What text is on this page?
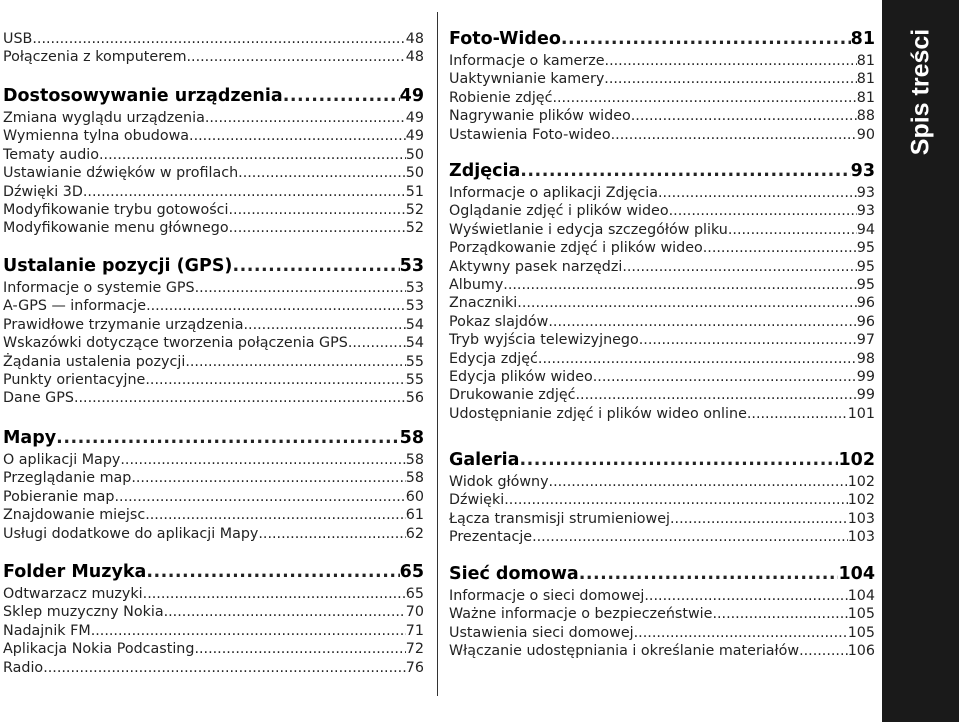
USB .....	48
Połączenia z komputerem .....	48
Dostosowywanie urządzenia .....	49
Zmiana wyglądu urządzenia .....	49
Wymienna tylna obudowa .....	49
Tematy audio .....	50
Ustawianie dźwięków w profilach .....	50
Dźwięki 3D .....	51
Modyfikowanie trybu gotowości .....	52
Modyfikowanie menu głównego .....	52
Ustalanie pozycji (GPS) .....	53
Informacje o systemie GPS .....	53
A-GPS — informacje .....	53
Prawidłowe trzymanie urządzenia .....	54
Wskazówki dotyczące tworzenia połączenia GPS .....	54
Żądania ustalenia pozycji .....	55
Punkty orientacyjne .....	55
Dane GPS .....	56
Mapy .....	58
O aplikacji Mapy .....	58
Przeglądanie map .....	58
Pobieranie map .....	60
Znajdowanie miejsc .....	61
Usługi dodatkowe do aplikacji Mapy .....	62
Folder Muzyka .....	65
Odtwarzacz muzyki .....	65
Sklep muzyczny Nokia .....	70
Nadajnik FM .....	71
Aplikacja Nokia Podcasting .....	72
Radio .....	76
Foto-Wideo .....	81
Informacje o kamerze .....	81
Uaktywnianie kamery .....	81
Robienie zdjęć .....	81
Nagrywanie plików wideo .....	88
Ustawienia Foto-wideo .....	90
Zdjęcia .....	93
Informacje o aplikacji Zdjęcia .....	93
Oglądanie zdjęć i plików wideo .....	93
Wyświetlanie i edycja szczegółów pliku .....	94
Porządkowanie zdjęć i plików wideo .....	95
Aktywny pasek narzędzi .....	95
Albumy .....	95
Znaczniki .....	96
Pokaz slajdów .....	96
Tryb wyjścia telewizyjnego .....	97
Edycja zdjęć .....	98
Edycja plików wideo .....	99
Drukowanie zdjęć .....	99
Udostępnianie zdjęć i plików wideo online .....	101
Galeria .....	102
Widok główny .....	102
Dźwięki .....	102
Łącza transmisji strumieniowej .....	103
Prezentacje .....	103
Sieć domowa .....	104
Informacje o sieci domowej .....	104
Ważne informacje o bezpieczeństwie .....	105
Ustawienia sieci domowej .....	105
Włączanie udostępniania i określanie materiałów .....	106
Spis treści
